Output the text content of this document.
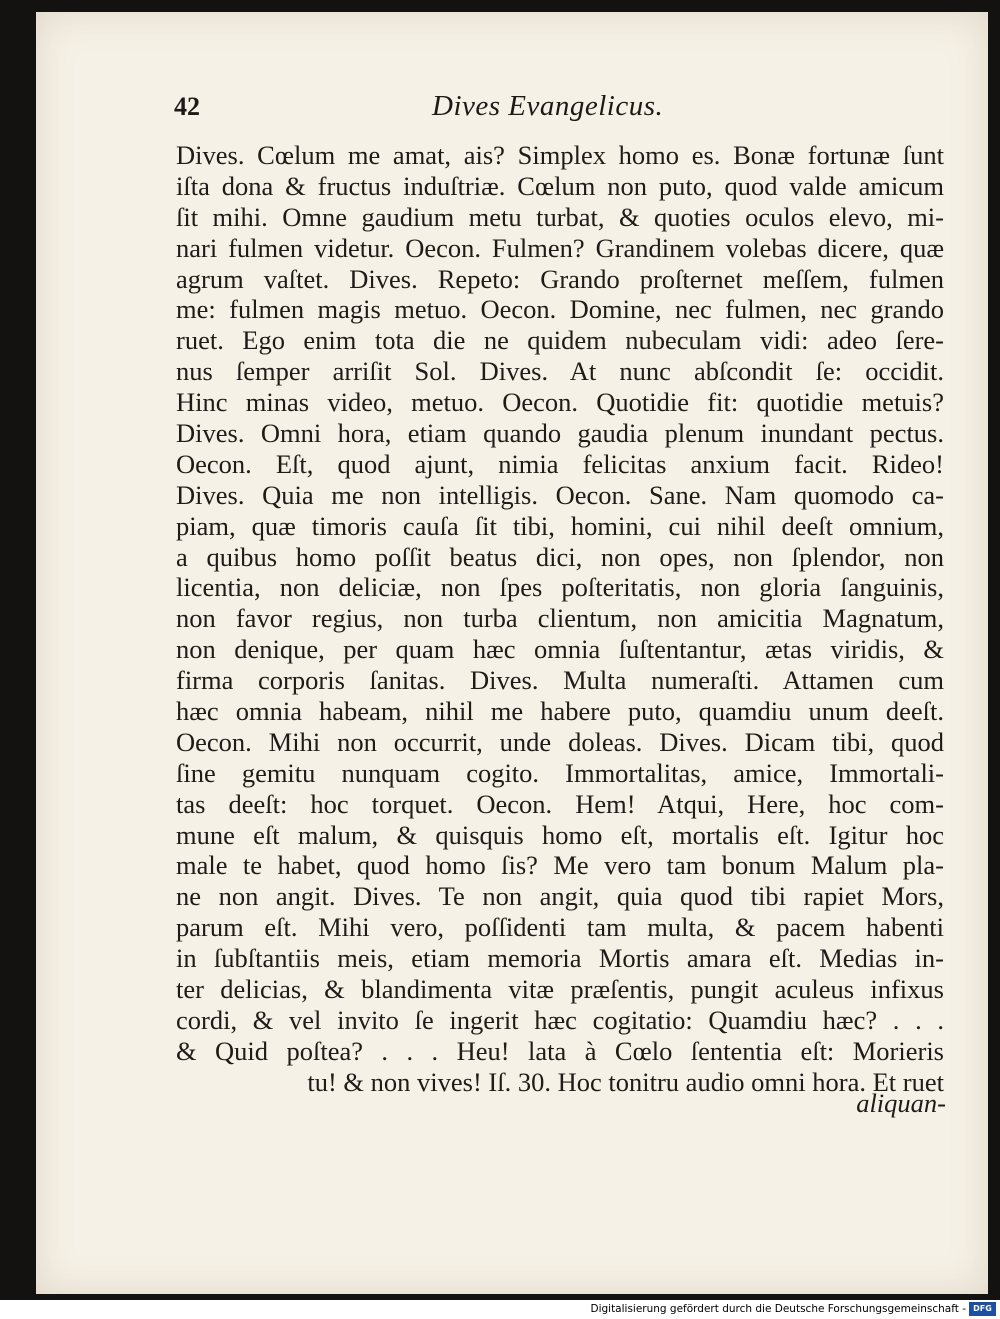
42	Dives Evangelicus.
Dives. Cœlum me amat, ais? Simplex homo es. Bonæ fortunæ ſunt
iſta dona & fructus induſtriæ. Cœlum non puto, quod valde amicum
ſit mihi. Omne gaudium metu turbat, & quoties oculos elevo, mi-
nari fulmen videtur. Oecon. Fulmen? Grandinem volebas dicere, quæ
agrum vaſtet. Dives. Repeto: Grando proſternet meſſem, fulmen
me: fulmen magis metuo. Oecon. Domine, nec fulmen, nec grando
ruet. Ego enim tota die ne quidem nubeculam vidi: adeo ſere-
nus ſemper arriſit Sol. Dives. At nunc abſcondit ſe: occidit.
Hinc minas video, metuo. Oecon. Quotidie fit: quotidie metuis?
Dives. Omni hora, etiam quando gaudia plenum inundant pectus.
Oecon. Eſt, quod ajunt, nimia felicitas anxium facit. Rideo!
Dives. Quia me non intelligis. Oecon. Sane. Nam quomodo ca-
piam, quæ timoris cauſa ſit tibi, homini, cui nihil deeſt omnium,
a quibus homo poſſit beatus dici, non opes, non ſplendor, non
licentia, non deliciæ, non ſpes poſteritatis, non gloria ſanguinis,
non favor regius, non turba clientum, non amicitia Magnatum,
non denique, per quam hæc omnia ſuſtentantur, ætas viridis, &
firma corporis ſanitas. Dives. Multa numeraſti. Attamen cum
hæc omnia habeam, nihil me habere puto, quamdiu unum deeſt.
Oecon. Mihi non occurrit, unde doleas. Dives. Dicam tibi, quod
ſine gemitu nunquam cogito. Immortalitas, amice, Immortali-
tas deeſt: hoc torquet. Oecon. Hem! Atqui, Here, hoc com-
mune eſt malum, & quisquis homo eſt, mortalis eſt. Igitur hoc
male te habet, quod homo ſis? Me vero tam bonum Malum pla-
ne non angit. Dives. Te non angit, quia quod tibi rapiet Mors,
parum eſt. Mihi vero, poſſidenti tam multa, & pacem habenti
in ſubſtantiis meis, etiam memoria Mortis amara eſt. Medias in-
ter delicias, & blandimenta vitæ præſentis, pungit aculeus infixus
cordi, & vel invito ſe ingerit hæc cogitatio: Quamdiu hæc? . . .
& Quid poſtea? . . . Heu! lata à Cœlo ſententia eſt: Morieris
tu! & non vives! Iſ. 30. Hoc tonitru audio omni hora. Et ruet
aliquan-
Digitalisierung gefördert durch die Deutsche Forschungsgemeinschaft - DFG
